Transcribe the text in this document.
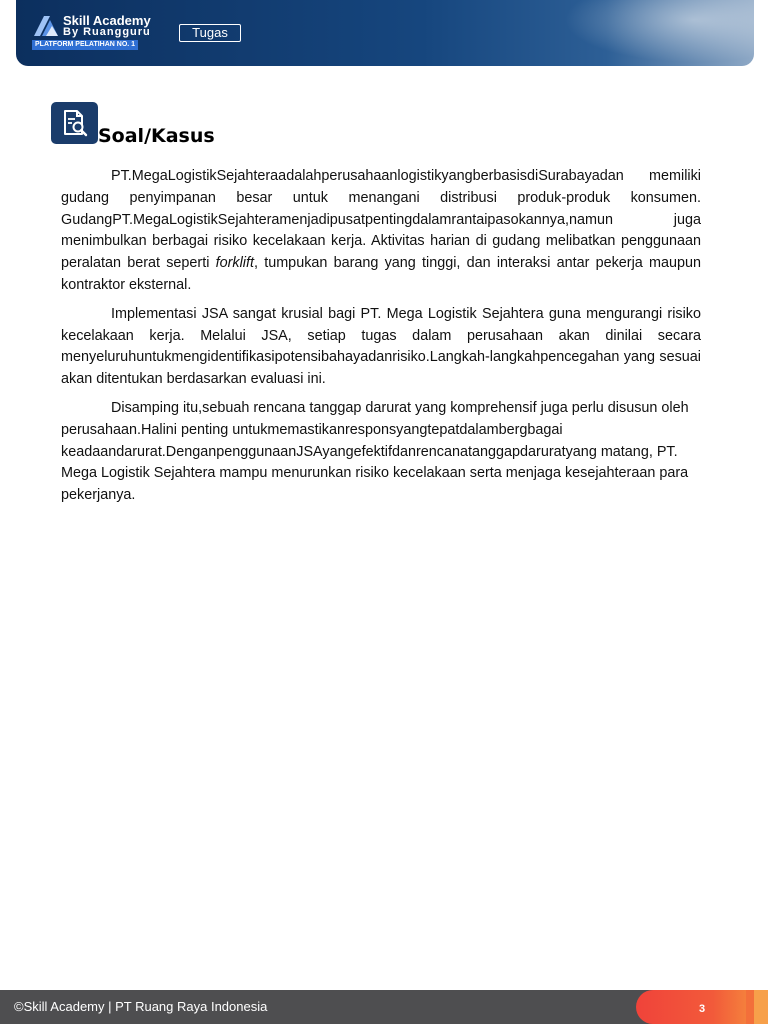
Skill Academy
By Ruangguru
PLATFORM PELATIHAN NO. 1
Tugas
Soal/Kasus

PT.MegaLogistikSejahteraadalahperusahaanlogistikyangberbasisdiSurabayadan memiliki gudang penyimpanan besar untuk menangani distribusi produk-produk konsumen. GudangPT.MegaLogistikSejahteramenjadipusatpentingdalamrantaipasokannya,namun juga menimbulkan berbagai risiko kecelakaan kerja. Aktivitas harian di gudang melibatkan penggunaan peralatan berat seperti forklift, tumpukan barang yang tinggi, dan interaksi antar pekerja maupun kontraktor eksternal.

Implementasi JSA sangat krusial bagi PT. Mega Logistik Sejahtera guna mengurangi risiko kecelakaan kerja. Melalui JSA, setiap tugas dalam perusahaan akan dinilai secara menyeluruhuntukmengidentifikasipotensibahayadanrisiko.Langkah-langkahpencegahan yang sesuai akan ditentukan berdasarkan evaluasi ini.

Disamping itu,sebuah rencana tanggap darurat yang komprehensif juga perlu disusun oleh perusahaan.Halini penting untukmemastikanresponsyangtepatdalambergbagai keadaandarurat.DenganpenggunaanJSAyangefektifdanrencanatanggapdaruratyang matang, PT. Mega Logistik Sejahtera mampu menurunkan risiko kecelakaan serta menjaga kesejahteraan para pekerjanya.

©Skill Academy | PT Ruang Raya Indonesia	3
